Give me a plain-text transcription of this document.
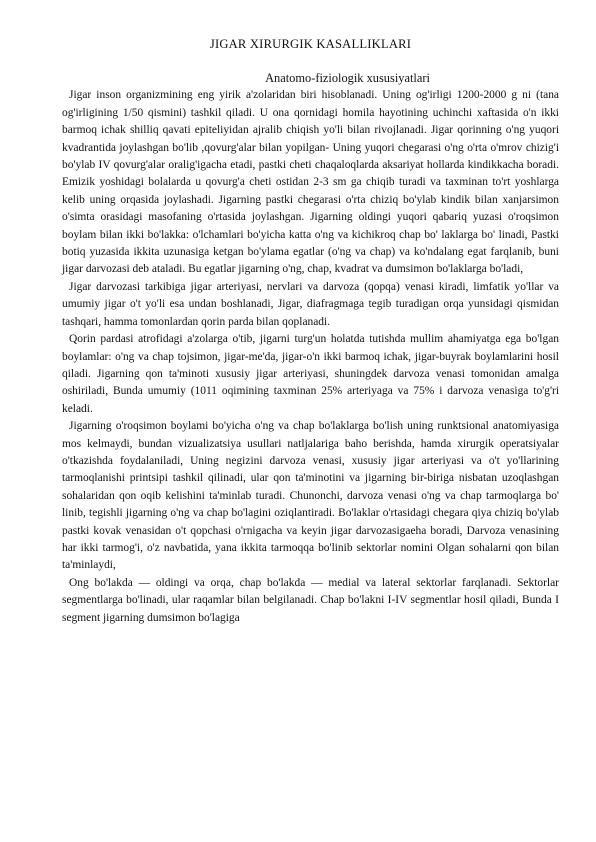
JIGAR XIRURGIK KASALLIKLARI
Anatomo-fiziologik xususiyatlari

Jigar inson organizmining eng yirik a'zolaridan biri hisoblanadi. Uning og'irligi 1200-2000 g ni (tana og'irligining 1/50 qismini) tashkil qiladi. U ona qornidagi homila hayotining uchinchi xaftasida o'n ikki barmoq ichak shilliq qavati epiteliyidan ajralib chiqish yo'li bilan rivojlanadi. Jigar qorinning o'ng yuqori kvadrantida joylashgan bo'lib ,qovurg'alar bilan yopilgan- Uning yuqori chegarasi o'ng o'rta o'mrov chizig'i bo'ylab IV qovurg'alar oralig'igacha etadi, pastki cheti chaqaloqlarda aksariyat hollarda kindikkacha boradi. Emizik yoshidagi bolalarda u qovurg'a cheti ostidan 2-3 sm ga chiqib turadi va taxminan to'rt yoshlarga kelib uning orqasida joylashadi. Jigarning pastki chegarasi o'rta chiziq bo'ylab kindik bilan xanjarsimon o'simta orasidagi masofaning o'rtasida joylashgan. Jigarning oldingi yuqori qabariq yuzasi o'roqsimon boylam bilan ikki bo'lakka: o'lchamlari bo'yicha katta o'ng va kichikroq chap bo' laklarga bo' linadi, Pastki botiq yuzasida ikkita uzunasiga ketgan bo'ylama egatlar (o'ng va chap) va ko'ndalang egat farqlanib, buni jigar darvozasi deb ataladi. Bu egatlar jigarning o'ng, chap, kvadrat va dumsimon bo'laklarga bo'ladi,

Jigar darvozasi tarkibiga jigar arteriyasi, nervlari va darvoza (qopqa) venasi kiradi, limfatik yo'llar va umumiy jigar o't yo'li esa undan boshlanadi, Jigar, diafragmaga tegib turadigan orqa yunsidagi qismidan tashqari, hamma tomonlardan qorin parda bilan qoplanadi.

Qorin pardasi atrofidagi a'zolarga o'tib, jigarni turg'un holatda tutishda mullim ahamiyatga ega bo'lgan boylamlar: o'ng va chap tojsimon, jigar-me'da, jigar-o'n ikki barmoq ichak, jigar-buyrak boylamlarini hosil qiladi. Jigarning qon ta'minoti xususiy jigar arteriyasi, shuningdek darvoza venasi tomonidan amalga oshiriladi, Bunda umumiy (1011 oqimining taxminan 25% arteriyaga va 75% i darvoza venasiga to'g'ri keladi.

Jigarning o'roqsimon boylami bo'yicha o'ng va chap bo'laklarga bo'lish uning runktsional anatomiyasiga mos kelmaydi, bundan vizualizatsiya usullari natljalariga baho berishda, hamda xirurgik operatsiyalar o'tkazishda foydalaniladi, Uning negizini darvoza venasi, xususiy jigar arteriyasi va o't yo'llarining tarmoqlanishi printsipi tashkil qilinadi, ular qon ta'minotini va jigarning bir-biriga nisbatan uzoqlashgan sohalaridan qon oqib kelishini ta'minlab turadi. Chunonchi, darvoza venasi o'ng va chap tarmoqlarga bo' linib, tegishli jigarning o'ng va chap bo'lagini oziqlantiradi. Bo'laklar o'rtasidagi chegara qiya chiziq bo'ylab pastki kovak venasidan o't qopchasi o'rnigacha va keyin jigar darvozasigaeha boradi, Darvoza venasining har ikki tarmog'i, o'z navbatida, yana ikkita tarmoqqa bo'linib sektorlar nomini Olgan sohalarni qon bilan ta'minlaydi,

Ong bo'lakda — oldingi va orqa, chap bo'lakda — medial va lateral sektorlar farqlanadi. Sektorlar segmentlarga bo'linadi, ular raqamlar bilan belgilanadi. Chap bo'lakni I-IV segmentlar hosil qiladi, Bunda I segment jigarning dumsimon bo'lagiga
